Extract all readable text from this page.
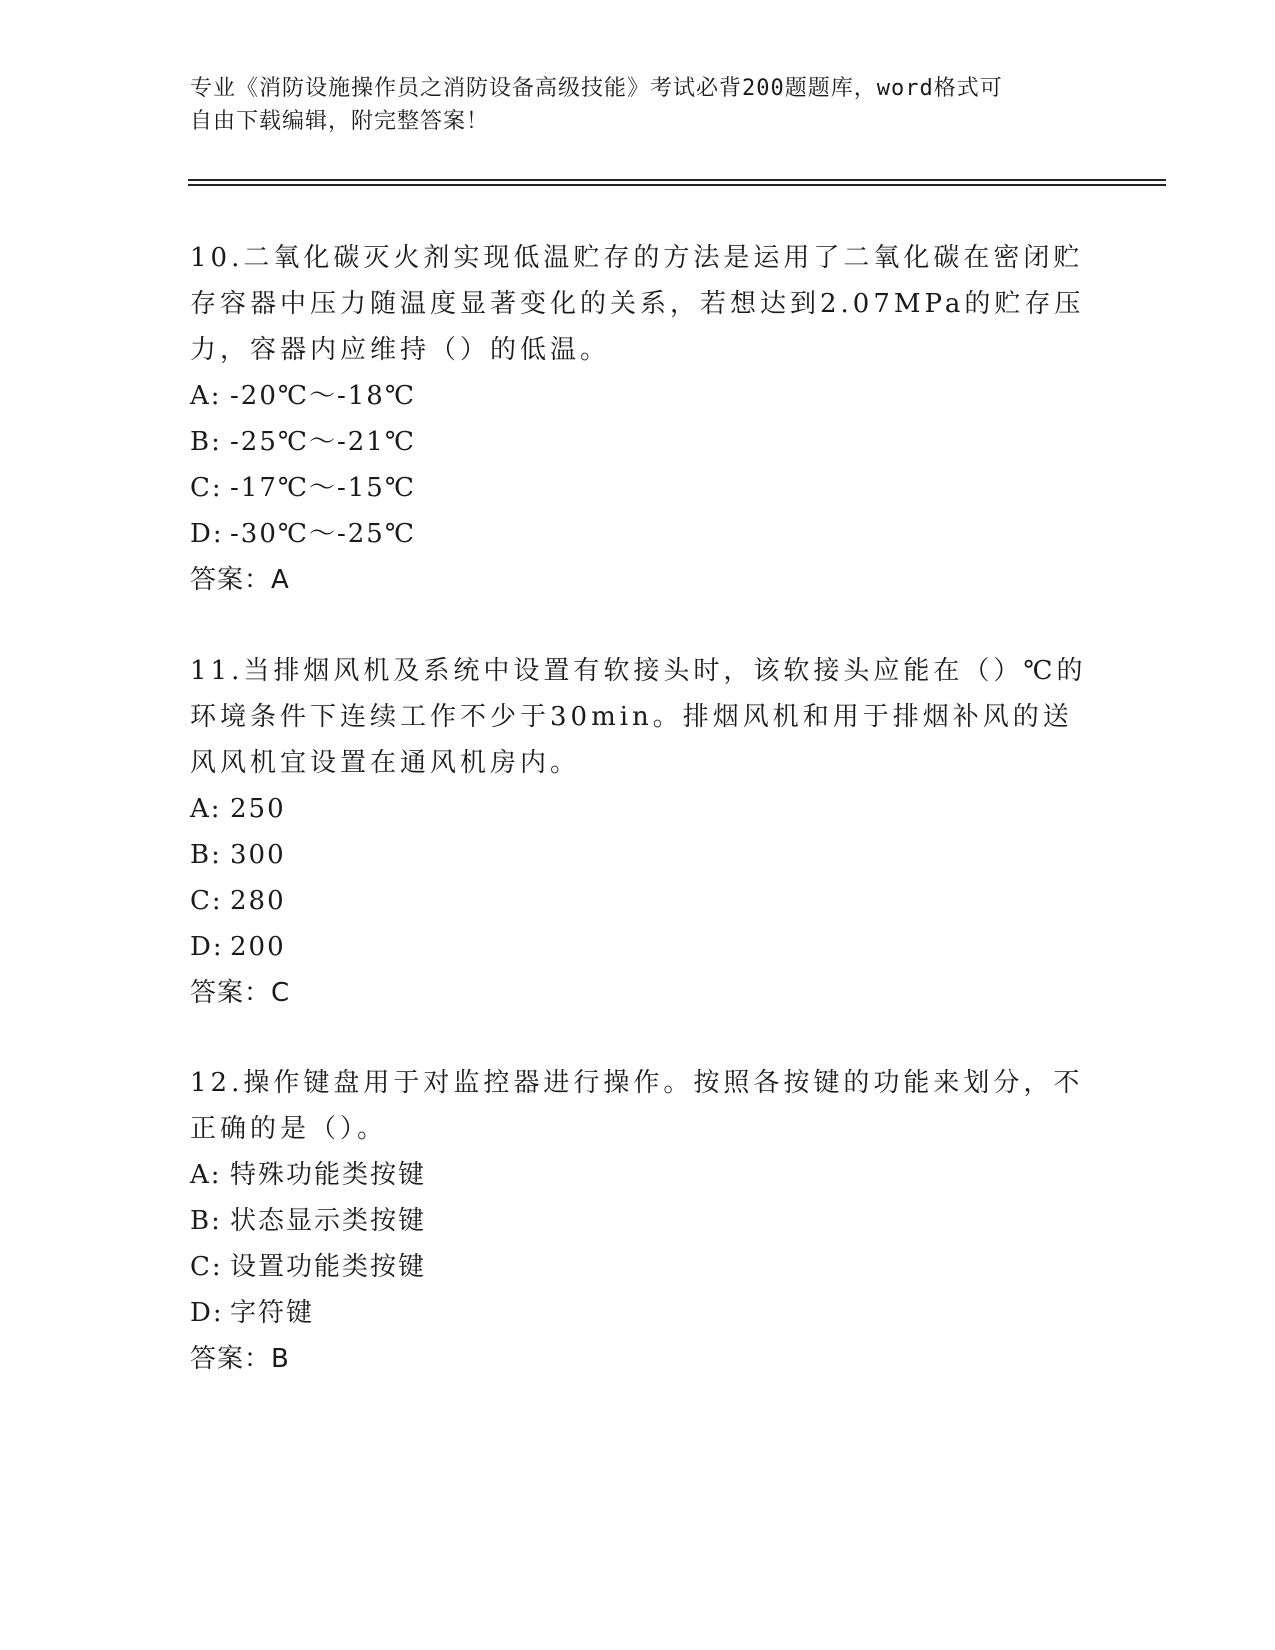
专业《消防设施操作员之消防设备高级技能》考试必背200题题库，word格式可
自由下载编辑，附完整答案！

10.二氧化碳灭火剂实现低温贮存的方法是运用了二氧化碳在密闭贮存容器中压力随温度显著变化的关系，若想达到2.07MPa的贮存压力，容器内应维持（）的低温。

A: -20℃～-18℃
B: -25℃～-21℃
C: -17℃～-15℃
D: -30℃～-25℃
答案：A

11.当排烟风机及系统中设置有软接头时，该软接头应能在（）℃的环境条件下连续工作不少于30min。排烟风机和用于排烟补风的送风风机宜设置在通风机房内。

A: 250
B: 300
C: 280
D: 200
答案：C

12.操作键盘用于对监控器进行操作。按照各按键的功能来划分，不正确的是（）。

A: 特殊功能类按键
B: 状态显示类按键
C: 设置功能类按键
D: 字符键
答案：B
